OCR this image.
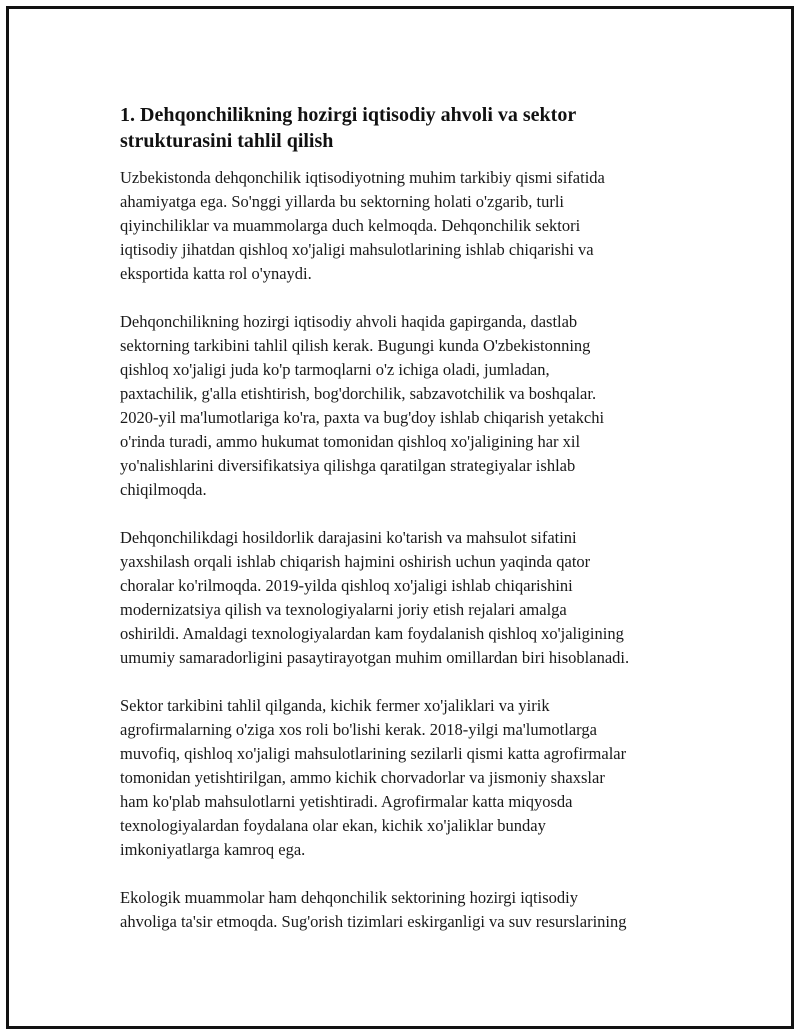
1. Dehqonchilikning hozirgi iqtisodiy ahvoli va sektor
strukturasini tahlil qilish

Uzbekistonda dehqonchilik iqtisodiyotning muhim tarkibiy qismi sifatida
ahamiyatga ega. So'nggi yillarda bu sektorning holati o'zgarib, turli
qiyinchiliklar va muammolarga duch kelmoqda. Dehqonchilik sektori
iqtisodiy jihatdan qishloq xo'jaligi mahsulotlarining ishlab chiqarishi va
eksportida katta rol o'ynaydi.

Dehqonchilikning hozirgi iqtisodiy ahvoli haqida gapirganda, dastlab
sektorning tarkibini tahlil qilish kerak. Bugungi kunda O'zbekistonning
qishloq xo'jaligi juda ko'p tarmoqlarni o'z ichiga oladi, jumladan,
paxtachilik, g'alla etishtirish, bog'dorchilik, sabzavotchilik va boshqalar.
2020-yil ma'lumotlariga ko'ra, paxta va bug'doy ishlab chiqarish yetakchi
o'rinda turadi, ammo hukumat tomonidan qishloq xo'jaligining har xil
yo'nalishlarini diversifikatsiya qilishga qaratilgan strategiyalar ishlab
chiqilmoqda.

Dehqonchilikdagi hosildorlik darajasini ko'tarish va mahsulot sifatini
yaxshilash orqali ishlab chiqarish hajmini oshirish uchun yaqinda qator
choralar ko'rilmoqda. 2019-yilda qishloq xo'jaligi ishlab chiqarishini
modernizatsiya qilish va texnologiyalarni joriy etish rejalari amalga
oshirildi. Amaldagi texnologiyalardan kam foydalanish qishloq xo'jaligining
umumiy samaradorligini pasaytirayotgan muhim omillardan biri hisoblanadi.

Sektor tarkibini tahlil qilganda, kichik fermer xo'jaliklari va yirik
agrofirmalarning o'ziga xos roli bo'lishi kerak. 2018-yilgi ma'lumotlarga
muvofiq, qishloq xo'jaligi mahsulotlarining sezilarli qismi katta agrofirmalar
tomonidan yetishtirilgan, ammo kichik chorvadorlar va jismoniy shaxslar
ham ko'plab mahsulotlarni yetishtiradi. Agrofirmalar katta miqyosda
texnologiyalardan foydalana olar ekan, kichik xo'jaliklar bunday
imkoniyatlarga kamroq ega.

Ekologik muammolar ham dehqonchilik sektorining hozirgi iqtisodiy
ahvoliga ta'sir etmoqda. Sug'orish tizimlari eskirganligi va suv resurslarining
